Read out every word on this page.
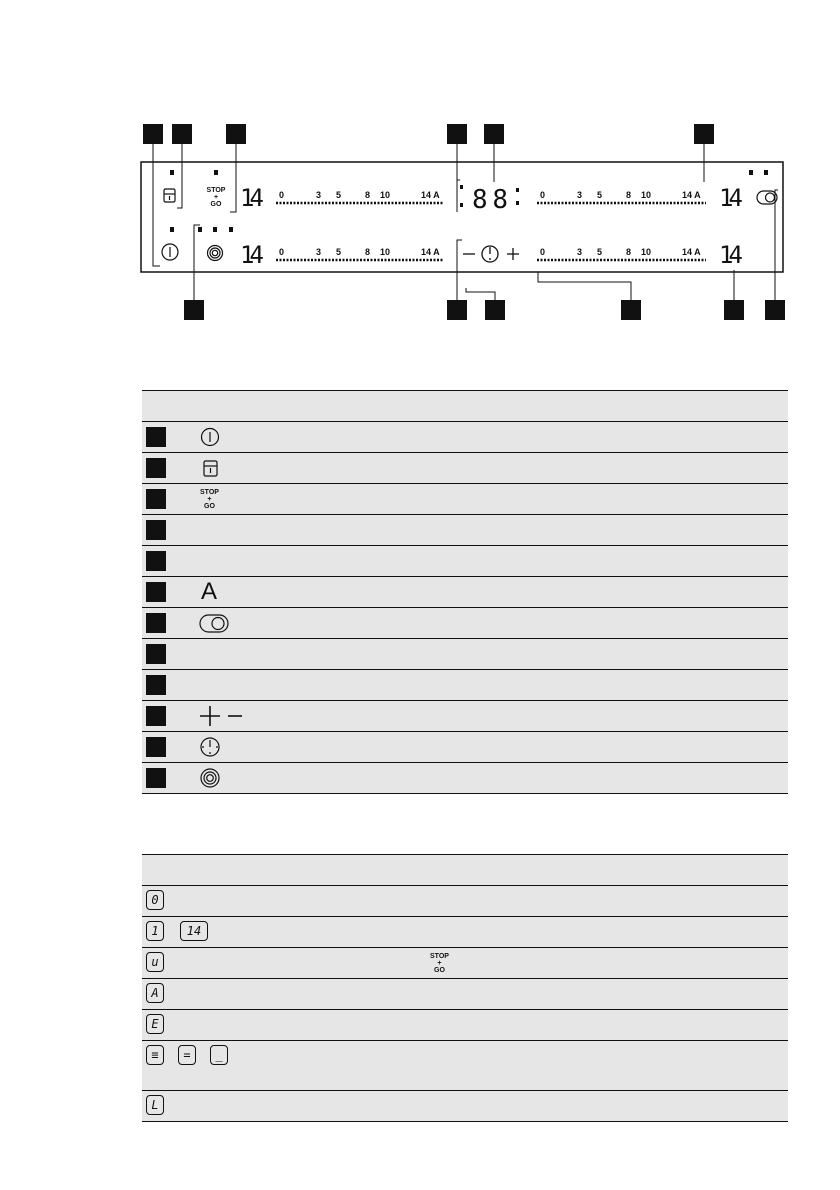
STOP
+
GO 14
14
14
14
88
0	3 5	8 10	14 A
0	3 5	8 10	14 A
0	3 5	8 10	14 A
0	3 5	8 10	14 A
STOP
+
GO
A
0
1	14
u	STOP
+
GO
A
E
≡	=	_
L
